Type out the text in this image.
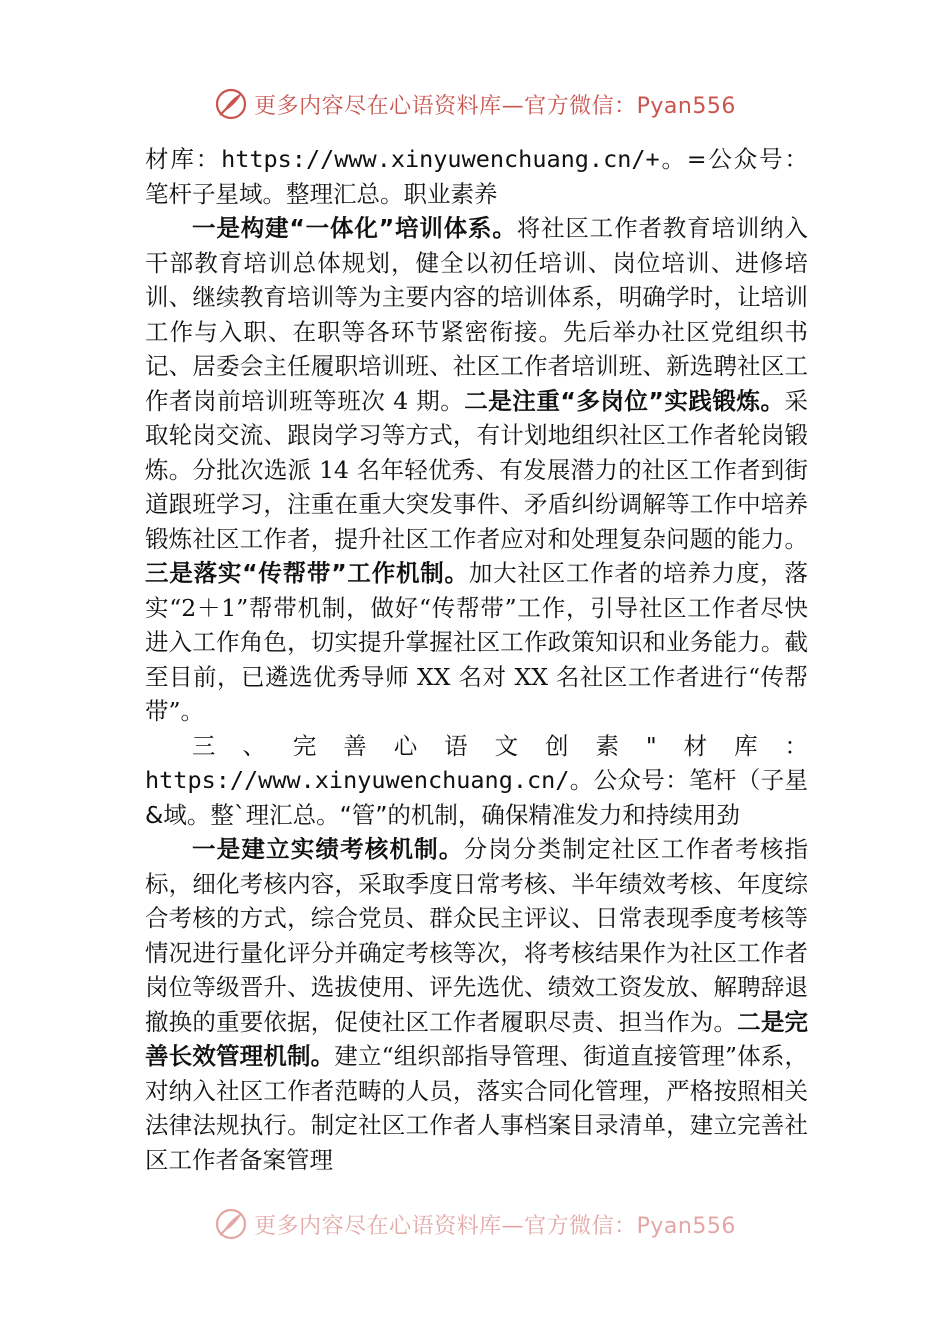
更多内容尽在心语资料库—官方微信：Pyan556

材库：https://www.xinyuwenchuang.cn/+。=公众号：笔杆子星域。整理汇总。职业素养

一是构建“一体化”培训体系。将社区工作者教育培训纳入干部教育培训总体规划，健全以初任培训、岗位培训、进修培训、继续教育培训等为主要内容的培训体系，明确学时，让培训工作与入职、在职等各环节紧密衔接。先后举办社区党组织书记、居委会主任履职培训班、社区工作者培训班、新选聘社区工作者岗前培训班等班次 4 期。二是注重“多岗位”实践锻炼。采取轮岗交流、跟岗学习等方式，有计划地组织社区工作者轮岗锻炼。分批次选派 14 名年轻优秀、有发展潜力的社区工作者到街道跟班学习，注重在重大突发事件、矛盾纠纷调解等工作中培养锻炼社区工作者，提升社区工作者应对和处理复杂问题的能力。三是落实“传帮带”工作机制。加大社区工作者的培养力度，落实“2＋1”帮带机制，做好“传帮带”工作，引导社区工作者尽快进入工作角色，切实提升掌握社区工作政策知识和业务能力。截至目前，已遴选优秀导师 XX 名对 XX 名社区工作者进行“传帮带”。

三、完善心语文创素"材库：https://www.xinyuwenchuang.cn/。公众号：笔杆（子星&域。整`理汇总。“管”的机制，确保精准发力和持续用劲

一是建立实绩考核机制。分岗分类制定社区工作者考核指标，细化考核内容，采取季度日常考核、半年绩效考核、年度综合考核的方式，综合党员、群众民主评议、日常表现季度考核等情况进行量化评分并确定考核等次，将考核结果作为社区工作者岗位等级晋升、选拔使用、评先选优、绩效工资发放、解聘辞退撤换的重要依据，促使社区工作者履职尽责、担当作为。二是完善长效管理机制。建立“组织部指导管理、街道直接管理”体系，对纳入社区工作者范畴的人员，落实合同化管理，严格按照相关法律法规执行。制定社区工作者人事档案目录清单，建立完善社区工作者备案管理

更多内容尽在心语资料库—官方微信：Pyan556
